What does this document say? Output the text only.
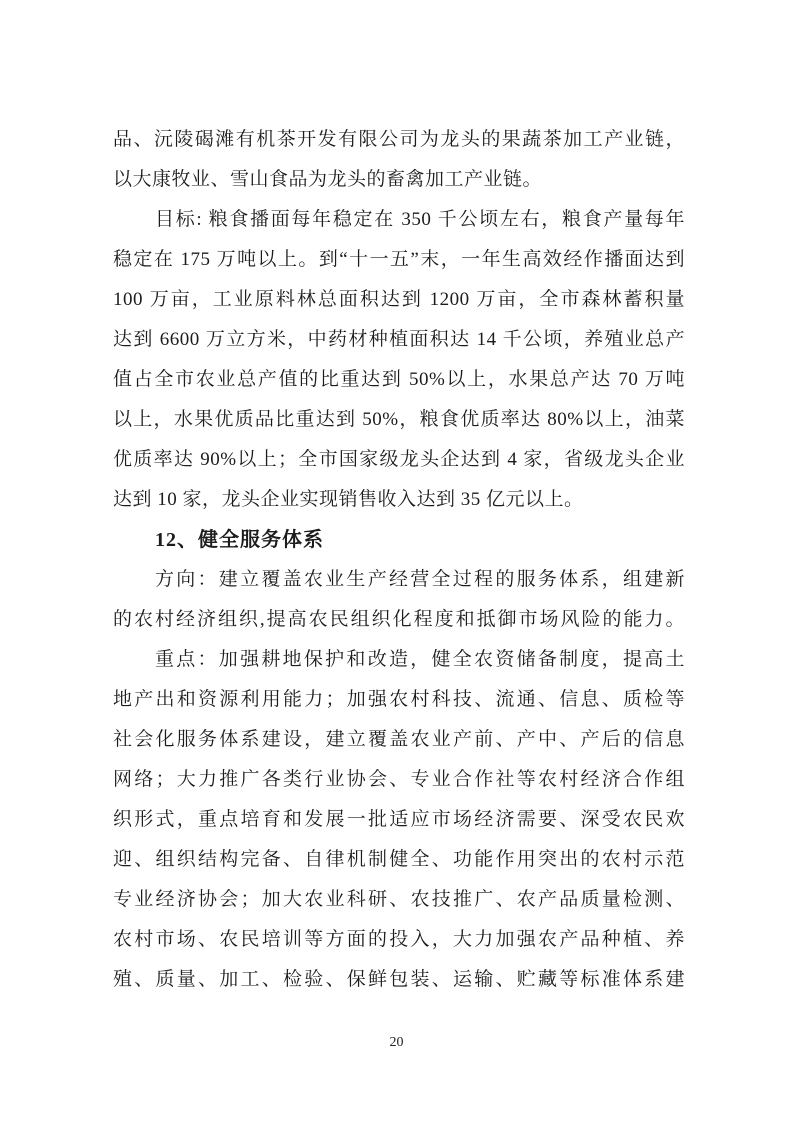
品、沅陵碣滩有机茶开发有限公司为龙头的果蔬茶加工产业链，
以大康牧业、雪山食品为龙头的畜禽加工产业链。
目标: 粮食播面每年稳定在 350 千公顷左右，粮食产量每年
稳定在 175 万吨以上。到“十一五”末，一年生高效经作播面达到
100 万亩，工业原料林总面积达到 1200 万亩，全市森林蓄积量
达到 6600 万立方米，中药材种植面积达 14 千公顷，养殖业总产
值占全市农业总产值的比重达到 50%以上，水果总产达 70 万吨
以上，水果优质品比重达到 50%，粮食优质率达 80%以上，油菜
优质率达 90%以上；全市国家级龙头企达到 4 家，省级龙头企业
达到 10 家，龙头企业实现销售收入达到 35 亿元以上。
12、健全服务体系
方向：建立覆盖农业生产经营全过程的服务体系，组建新
的农村经济组织,提高农民组织化程度和抵御市场风险的能力。
重点：加强耕地保护和改造，健全农资储备制度，提高土
地产出和资源利用能力；加强农村科技、流通、信息、质检等
社会化服务体系建设，建立覆盖农业产前、产中、产后的信息
网络；大力推广各类行业协会、专业合作社等农村经济合作组
织形式，重点培育和发展一批适应市场经济需要、深受农民欢
迎、组织结构完备、自律机制健全、功能作用突出的农村示范
专业经济协会；加大农业科研、农技推广、农产品质量检测、
农村市场、农民培训等方面的投入，大力加强农产品种植、养
殖、质量、加工、检验、保鲜包装、运输、贮藏等标准体系建
20
